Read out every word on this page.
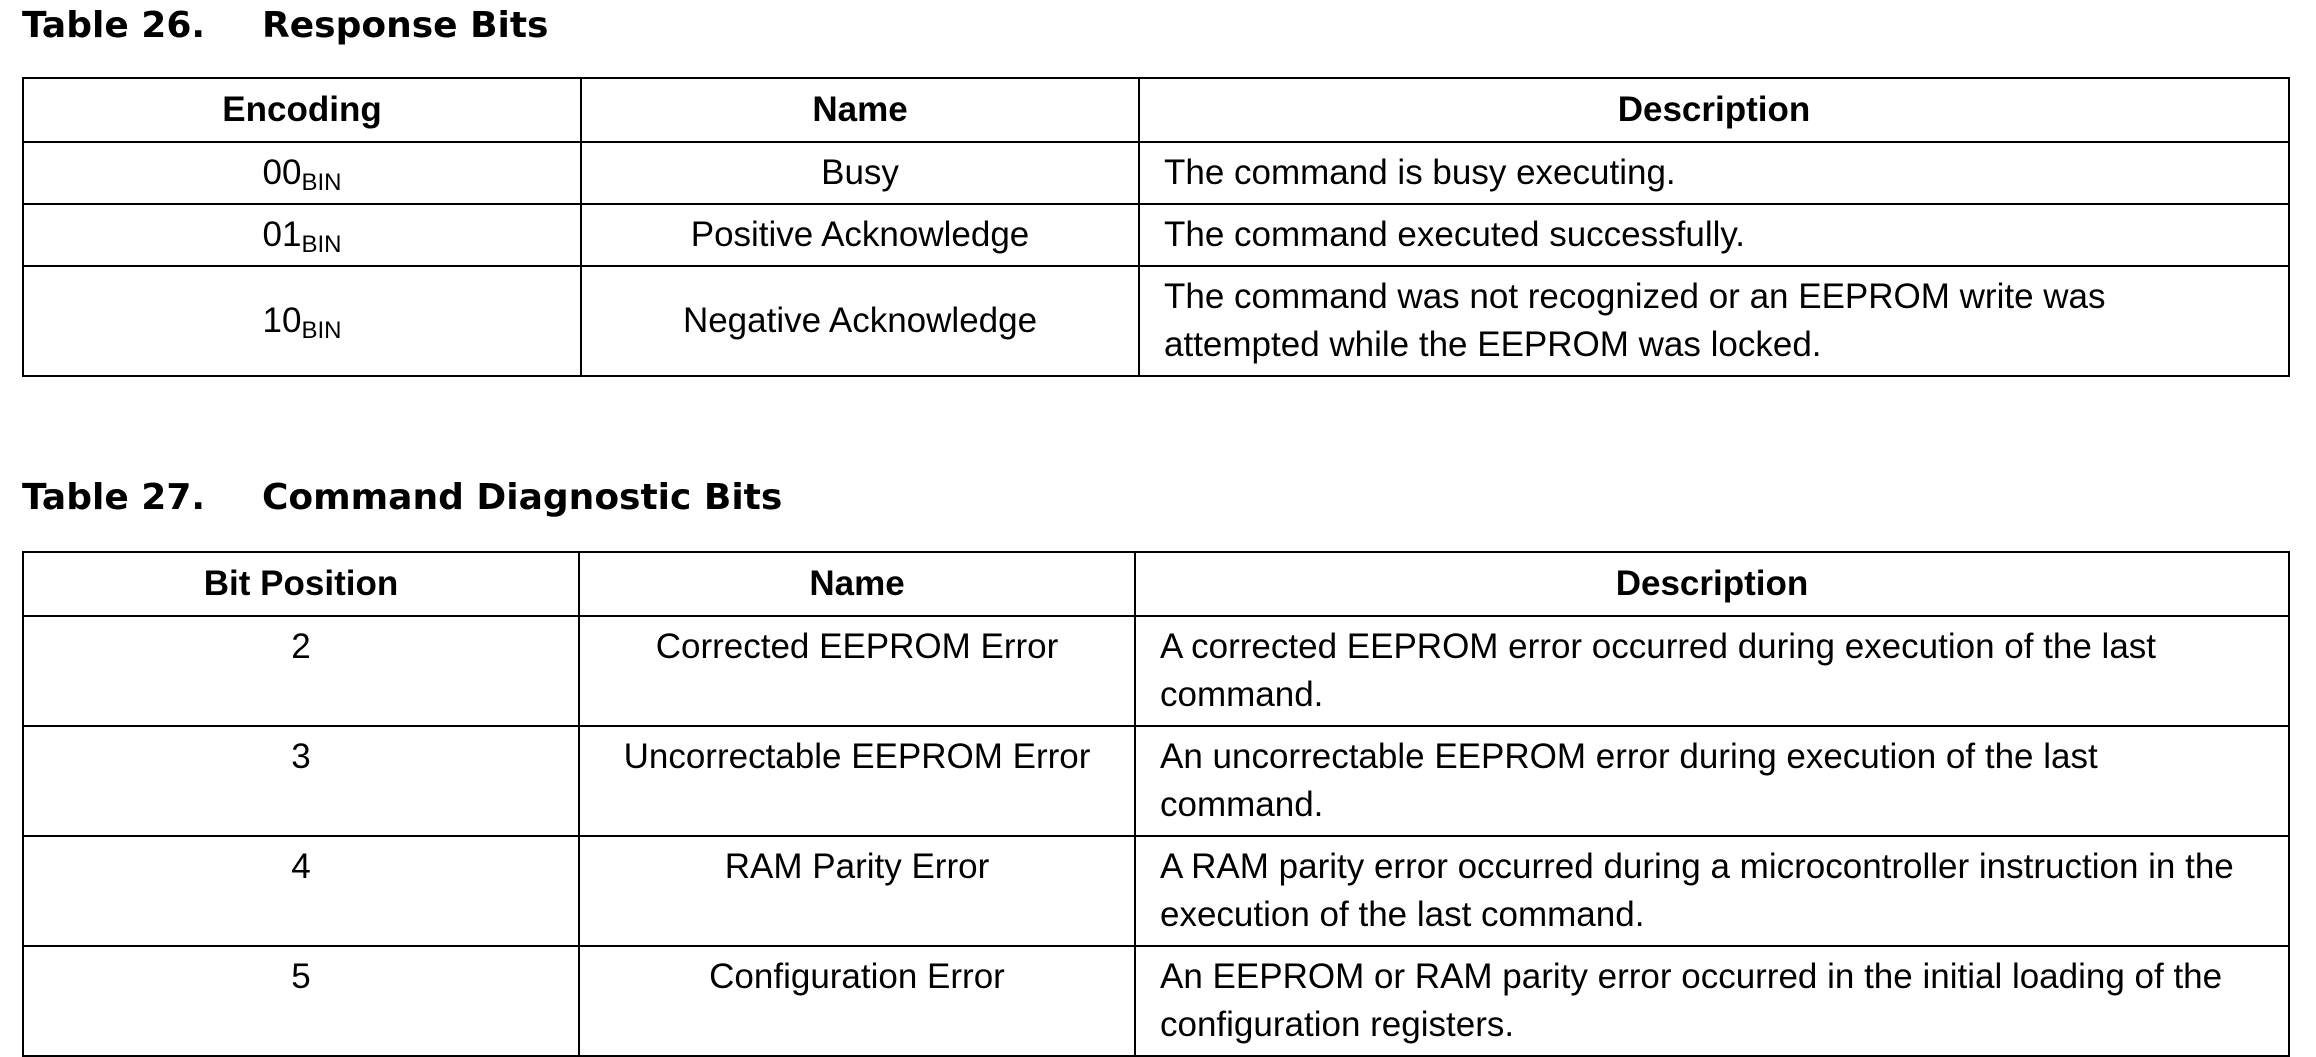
Table 26. Response Bits

Encoding	Name	Description
$00_{BIN}$	Busy	The command is busy executing.
$01_{BIN}$	Positive Acknowledge	The command executed successfully.
$10_{BIN}$	Negative Acknowledge	The command was not recognized or an EEPROM write was attempted while the EEPROM was locked.

Table 27. Command Diagnostic Bits

Bit Position	Name	Description
2	Corrected EEPROM Error	A corrected EEPROM error occurred during execution of the last command.
3	Uncorrectable EEPROM Error	An uncorrectable EEPROM error during execution of the last command.
4	RAM Parity Error	A RAM parity error occurred during a microcontroller instruction in the execution of the last command.
5	Configuration Error	An EEPROM or RAM parity error occurred in the initial loading of the configuration registers.
